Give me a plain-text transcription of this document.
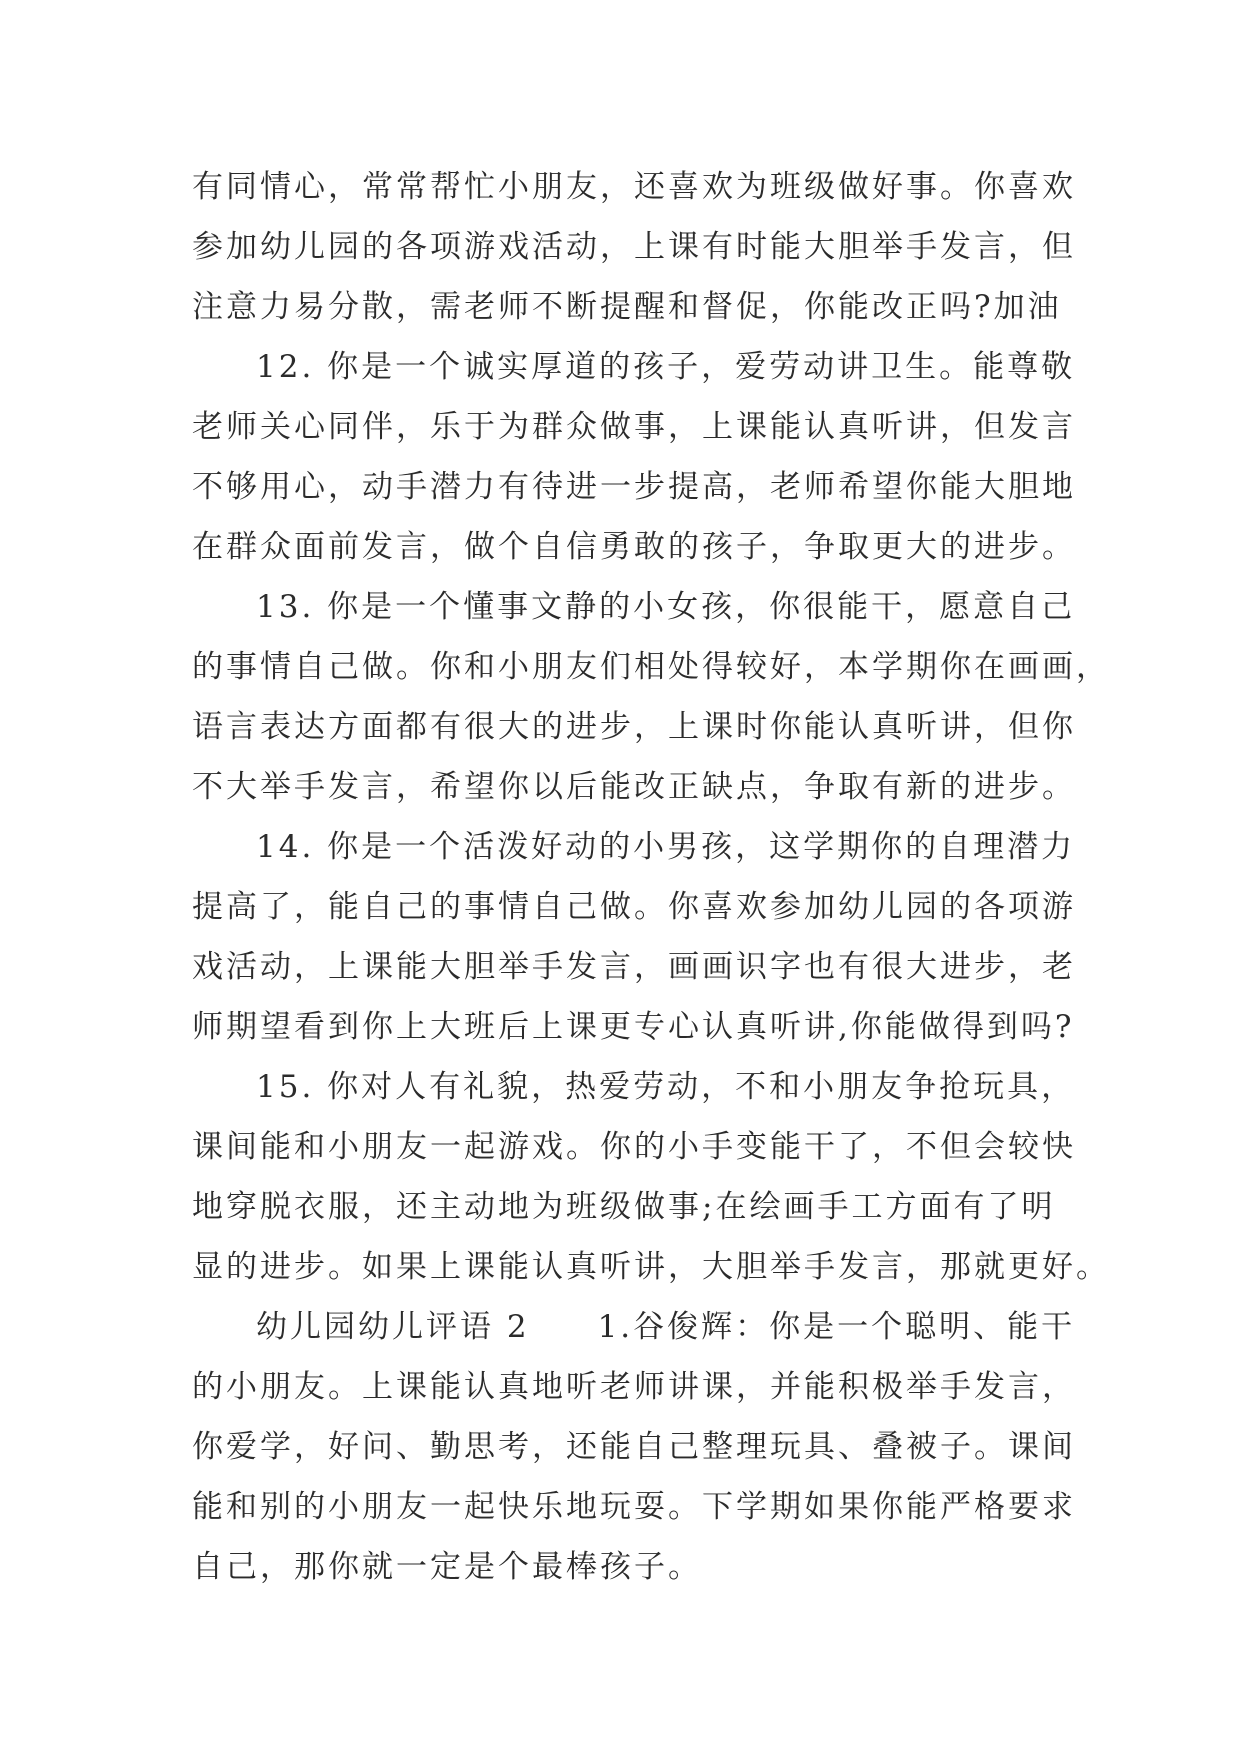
有同情心，常常帮忙小朋友，还喜欢为班级做好事。你喜欢
参加幼儿园的各项游戏活动，上课有时能大胆举手发言，但
注意力易分散，需老师不断提醒和督促，你能改正吗?加油
12. 你是一个诚实厚道的孩子，爱劳动讲卫生。能尊敬
老师关心同伴，乐于为群众做事，上课能认真听讲，但发言
不够用心，动手潜力有待进一步提高，老师希望你能大胆地
在群众面前发言，做个自信勇敢的孩子，争取更大的进步。
13. 你是一个懂事文静的小女孩，你很能干，愿意自己
的事情自己做。你和小朋友们相处得较好，本学期你在画画，
语言表达方面都有很大的进步，上课时你能认真听讲，但你
不大举手发言，希望你以后能改正缺点，争取有新的进步。
14. 你是一个活泼好动的小男孩，这学期你的自理潜力
提高了，能自己的事情自己做。你喜欢参加幼儿园的各项游
戏活动，上课能大胆举手发言，画画识字也有很大进步，老
师期望看到你上大班后上课更专心认真听讲,你能做得到吗?
15. 你对人有礼貌，热爱劳动，不和小朋友争抢玩具，
课间能和小朋友一起游戏。你的小手变能干了，不但会较快
地穿脱衣服，还主动地为班级做事;在绘画手工方面有了明
显的进步。如果上课能认真听讲，大胆举手发言，那就更好。
幼儿园幼儿评语 2　　1.谷俊辉：你是一个聪明、能干
的小朋友。上课能认真地听老师讲课，并能积极举手发言，
你爱学，好问、勤思考，还能自己整理玩具、叠被子。课间
能和别的小朋友一起快乐地玩耍。下学期如果你能严格要求
自己，那你就一定是个最棒孩子。
